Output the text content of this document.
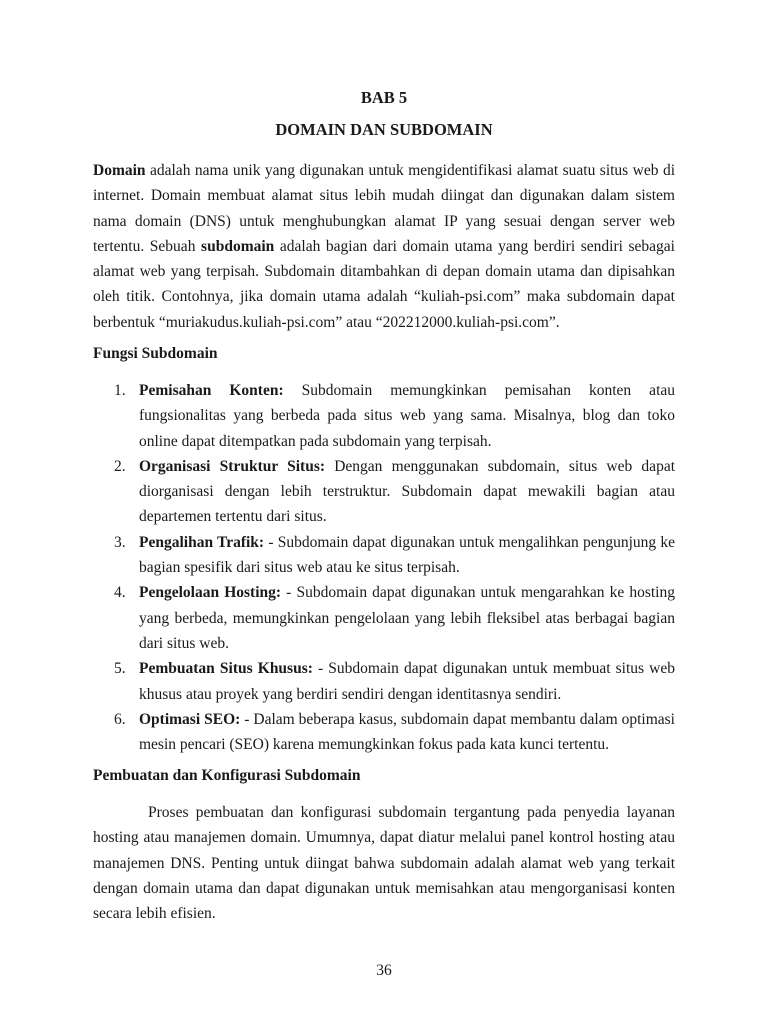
BAB 5
DOMAIN DAN SUBDOMAIN
Domain adalah nama unik yang digunakan untuk mengidentifikasi alamat suatu situs web di internet. Domain membuat alamat situs lebih mudah diingat dan digunakan dalam sistem nama domain (DNS) untuk menghubungkan alamat IP yang sesuai dengan server web tertentu. Sebuah subdomain adalah bagian dari domain utama yang berdiri sendiri sebagai alamat web yang terpisah. Subdomain ditambahkan di depan domain utama dan dipisahkan oleh titik. Contohnya, jika domain utama adalah “kuliah-psi.com” maka subdomain dapat berbentuk “muriakudus.kuliah-psi.com” atau “202212000.kuliah-psi.com”.
Fungsi Subdomain
1. Pemisahan Konten: Subdomain memungkinkan pemisahan konten atau fungsionalitas yang berbeda pada situs web yang sama. Misalnya, blog dan toko online dapat ditempatkan pada subdomain yang terpisah.
2. Organisasi Struktur Situs: Dengan menggunakan subdomain, situs web dapat diorganisasi dengan lebih terstruktur. Subdomain dapat mewakili bagian atau departemen tertentu dari situs.
3. Pengalihan Trafik: - Subdomain dapat digunakan untuk mengalihkan pengunjung ke bagian spesifik dari situs web atau ke situs terpisah.
4. Pengelolaan Hosting: - Subdomain dapat digunakan untuk mengarahkan ke hosting yang berbeda, memungkinkan pengelolaan yang lebih fleksibel atas berbagai bagian dari situs web.
5. Pembuatan Situs Khusus: - Subdomain dapat digunakan untuk membuat situs web khusus atau proyek yang berdiri sendiri dengan identitasnya sendiri.
6. Optimasi SEO: - Dalam beberapa kasus, subdomain dapat membantu dalam optimasi mesin pencari (SEO) karena memungkinkan fokus pada kata kunci tertentu.
Pembuatan dan Konfigurasi Subdomain
Proses pembuatan dan konfigurasi subdomain tergantung pada penyedia layanan hosting atau manajemen domain. Umumnya, dapat diatur melalui panel kontrol hosting atau manajemen DNS. Penting untuk diingat bahwa subdomain adalah alamat web yang terkait dengan domain utama dan dapat digunakan untuk memisahkan atau mengorganisasi konten secara lebih efisien.
36
